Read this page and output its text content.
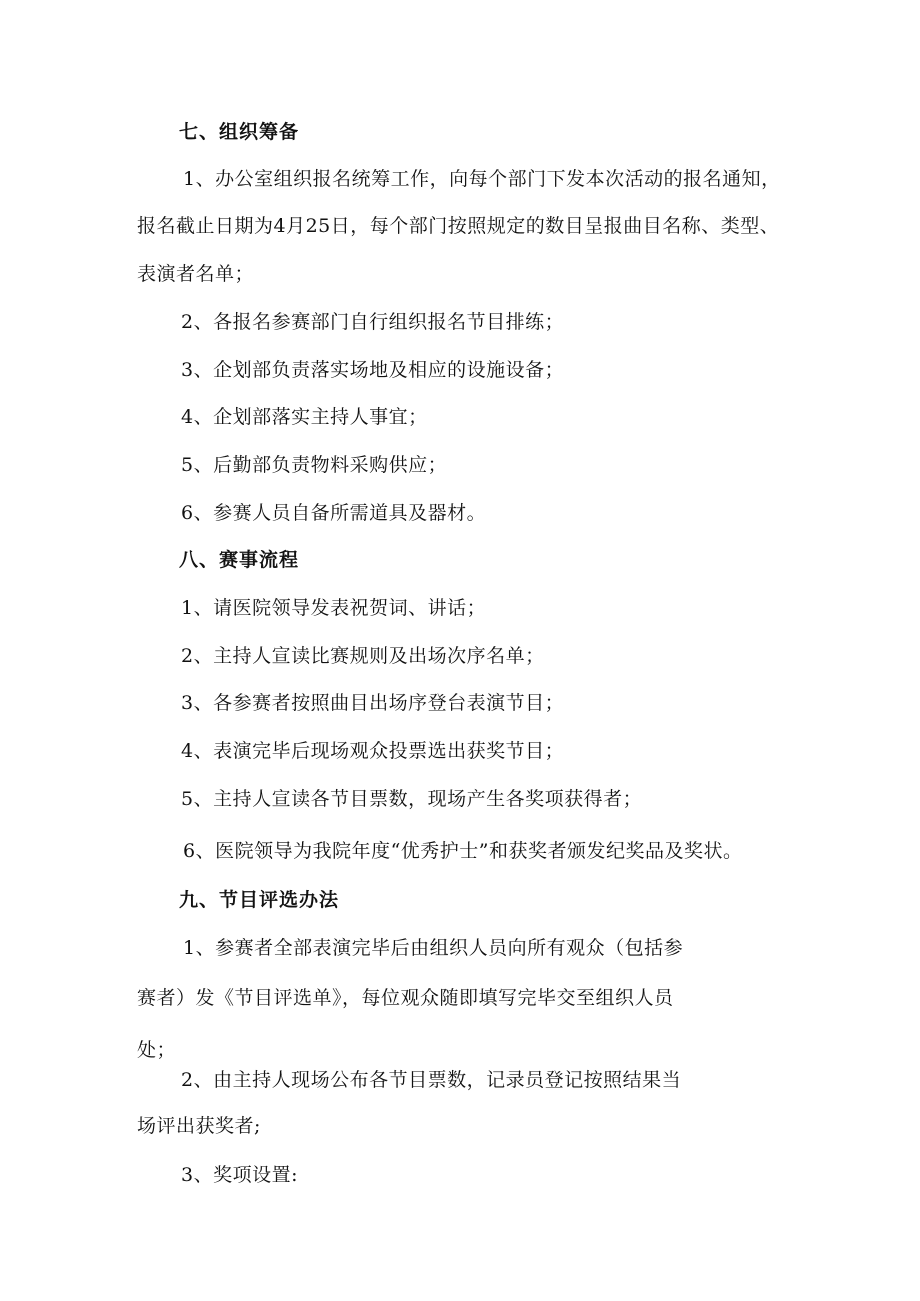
七、组织筹备
1、办公室组织报名统筹工作，向每个部门下发本次活动的报名通知，
报名截止日期为4月25日，每个部门按照规定的数目呈报曲目名称、类型、
表演者名单；
2、各报名参赛部门自行组织报名节目排练；
3、企划部负责落实场地及相应的设施设备；
4、企划部落实主持人事宜；
5、后勤部负责物料采购供应；
6、参赛人员自备所需道具及器材。
八、赛事流程
1、请医院领导发表祝贺词、讲话；
2、主持人宣读比赛规则及出场次序名单；
3、各参赛者按照曲目出场序登台表演节目；
4、表演完毕后现场观众投票选出获奖节目；
5、主持人宣读各节目票数，现场产生各奖项获得者；
6、医院领导为我院年度“优秀护士”和获奖者颁发纪奖品及奖状。
九、节目评选办法
1、参赛者全部表演完毕后由组织人员向所有观众（包括参
赛者）发《节目评选单》，每位观众随即填写完毕交至组织人员
处；
2、由主持人现场公布各节目票数，记录员登记按照结果当
场评出获奖者;
3、奖项设置:
